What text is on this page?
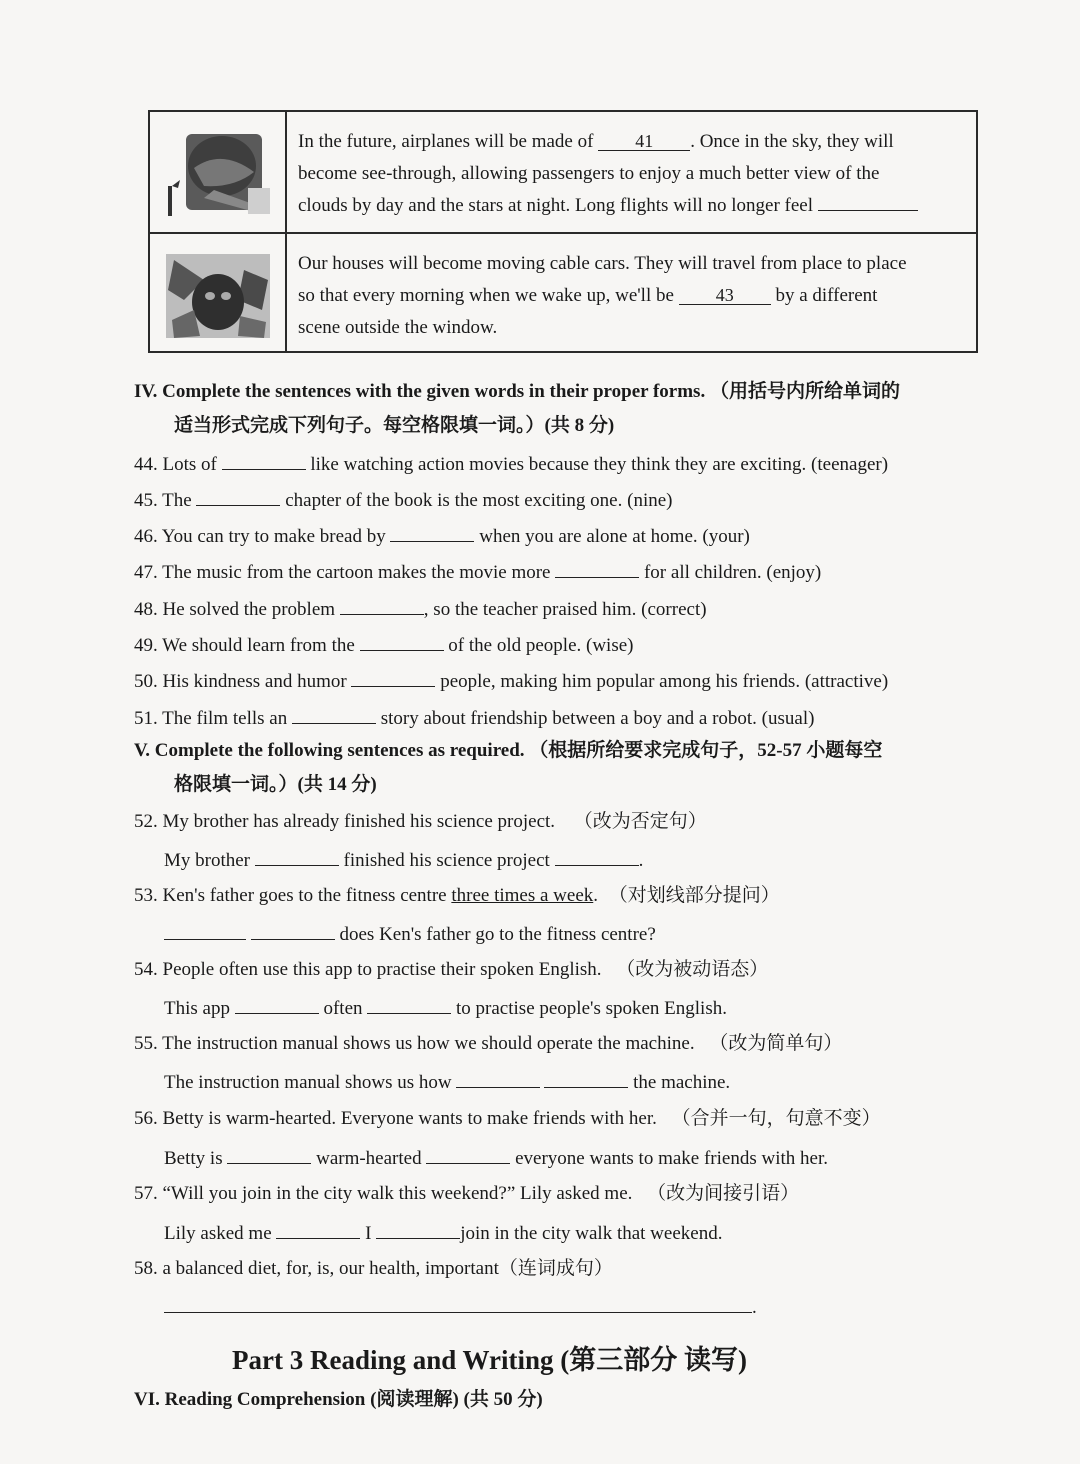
In the future, airplanes will be made of 41 . Once in the sky, they will
become see-through, allowing passengers to enjoy a much better view of the
clouds by day and the stars at night. Long flights will no longer feel
Our houses will become moving cable cars. They will travel from place to place
so that every morning when we wake up, we'll be 43 by a different
scene outside the window.
IV. Complete the sentences with the given words in their proper forms. （用括号内所给单词的
适当形式完成下列句子。每空格限填一词。）(共 8 分)
44. Lots of	like watching action movies because they think they are exciting. (teenager)
45. The	chapter of the book is the most exciting one. (nine)
46. You can try to make bread by	when you are alone at home. (your)
47. The music from the cartoon makes the movie more	for all children. (enjoy)
48. He solved the problem	, so the teacher praised him. (correct)
49. We should learn from the	of the old people. (wise)
50. His kindness and humor	people, making him popular among his friends. (attractive)
51. The film tells an	story about friendship between a boy and a robot. (usual)
V. Complete the following sentences as required. （根据所给要求完成句子，52-57 小题每空
格限填一词。）(共 14 分)
52. My brother has already finished his science project. （改为否定句）
My brother	finished his science project	.
53. Ken's father goes to the fitness centre three times a week. （对划线部分提问）
does Ken's father go to the fitness centre?
54. People often use this app to practise their spoken English. （改为被动语态）
This app	often	to practise people's spoken English.
55. The instruction manual shows us how we should operate the machine. （改为简单句）
The instruction manual shows us how	the machine.
56. Betty is warm-hearted. Everyone wants to make friends with her. （合并一句，句意不变）
Betty is	warm-hearted	everyone wants to make friends with her.
57. “Will you join in the city walk this weekend?” Lily asked me. （改为间接引语）
Lily asked me	I	join in the city walk that weekend.
58. a balanced diet, for, is, our health, important（连词成句）
.
Part 3 Reading and Writing (第三部分 读写)
VI. Reading Comprehension (阅读理解) (共 50 分)
